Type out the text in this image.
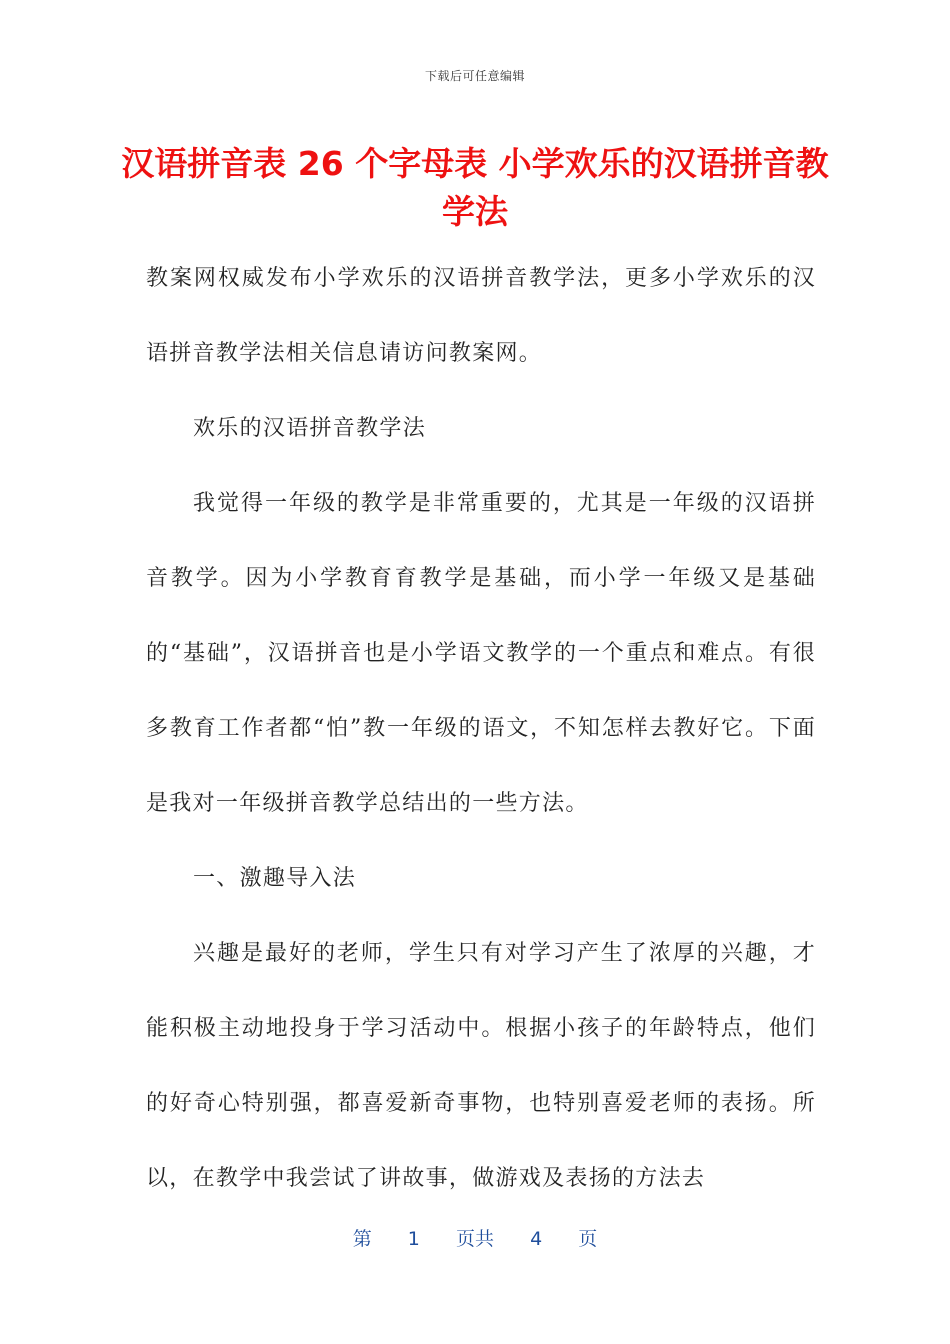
下载后可任意编辑
汉语拼音表 26 个字母表 小学欢乐的汉语拼音教学法

教案网权威发布小学欢乐的汉语拼音教学法，更多小学欢乐的汉语拼音教学法相关信息请访问教案网。

欢乐的汉语拼音教学法

我觉得一年级的教学是非常重要的，尤其是一年级的汉语拼音教学。因为小学教育育教学是基础，而小学一年级又是基础的“基础”，汉语拼音也是小学语文教学的一个重点和难点。有很多教育工作者都“怕”教一年级的语文，不知怎样去教好它。下面是我对一年级拼音教学总结出的一些方法。

一、激趣导入法

兴趣是最好的老师，学生只有对学习产生了浓厚的兴趣，才能积极主动地投身于学习活动中。根据小孩子的年龄特点，他们的好奇心特别强，都喜爱新奇事物，也特别喜爱老师的表扬。所以，在教学中我尝试了讲故事，做游戏及表扬的方法去

第 1 页共 4 页
